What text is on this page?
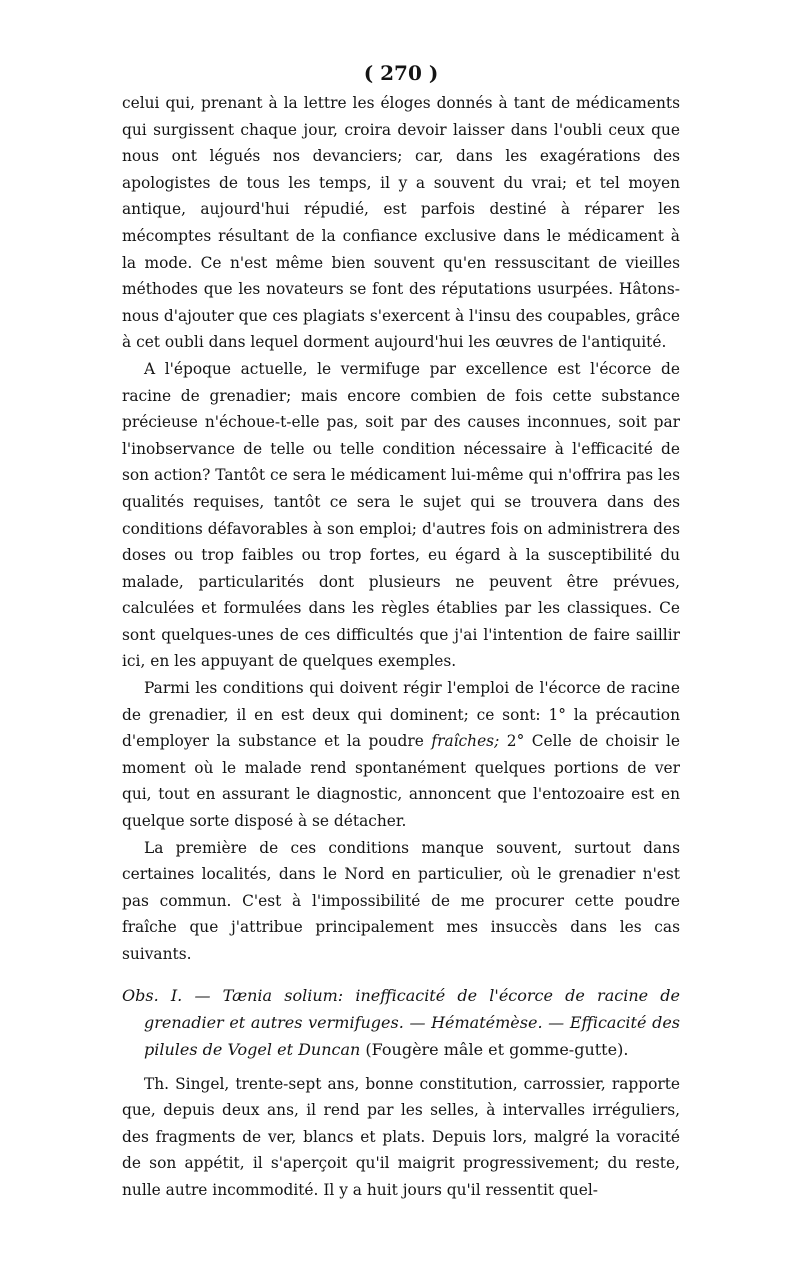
( 270 )

celui qui, prenant à la lettre les éloges donnés à tant de médicaments qui surgissent chaque jour, croira devoir laisser dans l'oubli ceux que nous ont légués nos devanciers; car, dans les exagérations des apologistes de tous les temps, il y a souvent du vrai; et tel moyen antique, aujourd'hui répudié, est parfois destiné à réparer les mécomptes résultant de la confiance exclusive dans le médicament à la mode. Ce n'est même bien souvent qu'en ressuscitant de vieilles méthodes que les novateurs se font des réputations usurpées. Hâtons-nous d'ajouter que ces plagiats s'exercent à l'insu des coupables, grâce à cet oubli dans lequel dorment aujourd'hui les œuvres de l'antiquité.

A l'époque actuelle, le vermifuge par excellence est l'écorce de racine de grenadier; mais encore combien de fois cette substance précieuse n'échoue-t-elle pas, soit par des causes inconnues, soit par l'inobservance de telle ou telle condition nécessaire à l'efficacité de son action? Tantôt ce sera le médicament lui-même qui n'offrira pas les qualités requises, tantôt ce sera le sujet qui se trouvera dans des conditions défavorables à son emploi; d'autres fois on administrera des doses ou trop faibles ou trop fortes, eu égard à la susceptibilité du malade, particularités dont plusieurs ne peuvent être prévues, calculées et formulées dans les règles établies par les classiques. Ce sont quelques-unes de ces difficultés que j'ai l'intention de faire saillir ici, en les appuyant de quelques exemples.

Parmi les conditions qui doivent régir l'emploi de l'écorce de racine de grenadier, il en est deux qui dominent; ce sont: 1° la précaution d'employer la substance et la poudre fraîches; 2° Celle de choisir le moment où le malade rend spontanément quelques portions de ver qui, tout en assurant le diagnostic, annoncent que l'entozoaire est en quelque sorte disposé à se détacher.

La première de ces conditions manque souvent, surtout dans certaines localités, dans le Nord en particulier, où le grenadier n'est pas commun. C'est à l'impossibilité de me procurer cette poudre fraîche que j'attribue principalement mes insuccès dans les cas suivants.

Obs. I. — Tænia solium: inefficacité de l'écorce de racine de grenadier et autres vermifuges. — Hématémèse. — Efficacité des pilules de Vogel et Duncan (Fougère mâle et gomme-gutte).

Th. Singel, trente-sept ans, bonne constitution, carrossier, rapporte que, depuis deux ans, il rend par les selles, à intervalles irréguliers, des fragments de ver, blancs et plats. Depuis lors, malgré la voracité de son appétit, il s'aperçoit qu'il maigrit progressivement; du reste, nulle autre incommodité. Il y a huit jours qu'il ressentit quel-
